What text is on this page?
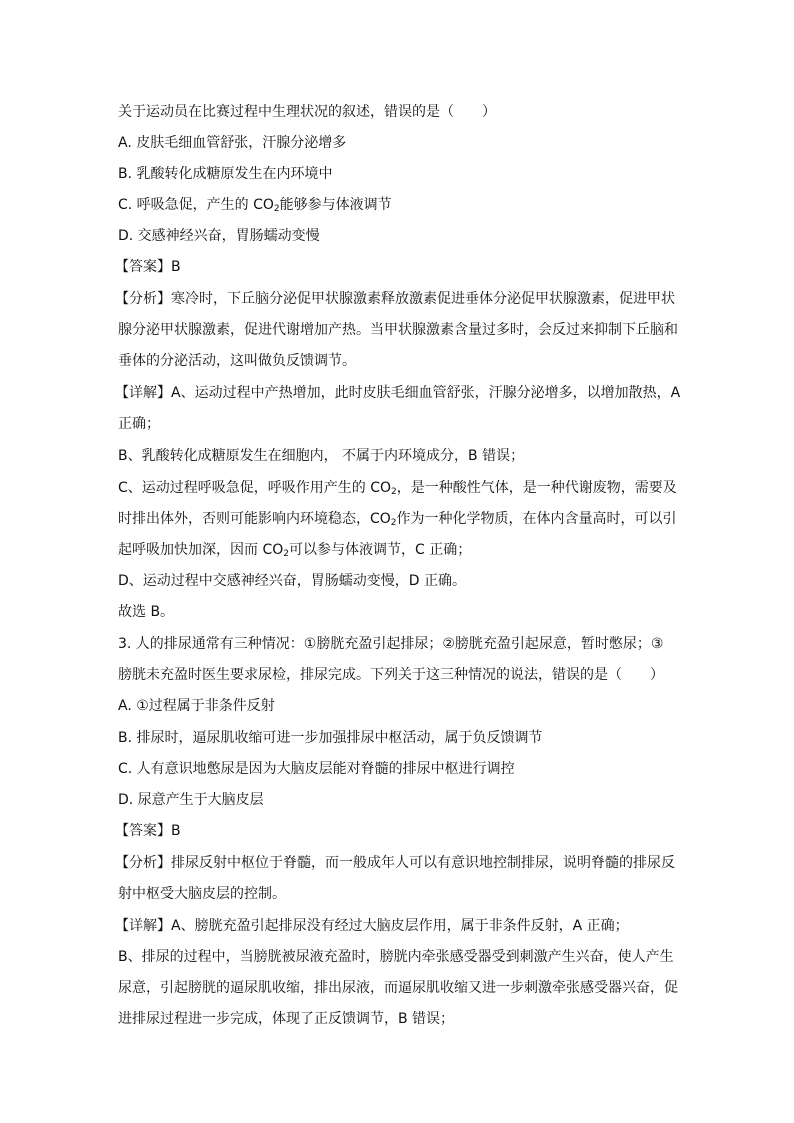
关于运动员在比赛过程中生理状况的叙述，错误的是（　　）
A. 皮肤毛细血管舒张，汗腺分泌增多
B. 乳酸转化成糖原发生在内环境中
C. 呼吸急促，产生的 $CO_2$能够参与体液调节
D. 交感神经兴奋，胃肠蠕动变慢
【答案】B
【分析】寒冷时，下丘脑分泌促甲状腺激素释放激素促进垂体分泌促甲状腺激素，促进甲状
腺分泌甲状腺激素，促进代谢增加产热。当甲状腺激素含量过多时，会反过来抑制下丘脑和
垂体的分泌活动，这叫做负反馈调节。
【详解】A、运动过程中产热增加，此时皮肤毛细血管舒张，汗腺分泌增多，以增加散热，A
正确；
B、乳酸转化成糖原发生在细胞内， 不属于内环境成分，B 错误；
C、运动过程呼吸急促，呼吸作用产生的 $CO_2$，是一种酸性气体，是一种代谢废物，需要及
时排出体外，否则可能影响内环境稳态，$CO_2$作为一种化学物质，在体内含量高时，可以引
起呼吸加快加深，因而 $CO_2$可以参与体液调节，C 正确；
D、运动过程中交感神经兴奋，胃肠蠕动变慢，D 正确。
故选 B。
3. 人的排尿通常有三种情况：①膀胱充盈引起排尿；②膀胱充盈引起尿意，暂时憋尿；③
膀胱未充盈时医生要求尿检，排尿完成。下列关于这三种情况的说法，错误的是（　　）
A. ①过程属于非条件反射
B. 排尿时，逼尿肌收缩可进一步加强排尿中枢活动，属于负反馈调节
C. 人有意识地憋尿是因为大脑皮层能对脊髓的排尿中枢进行调控
D. 尿意产生于大脑皮层
【答案】B
【分析】排尿反射中枢位于脊髓，而一般成年人可以有意识地控制排尿，说明脊髓的排尿反
射中枢受大脑皮层的控制。
【详解】A、膀胱充盈引起排尿没有经过大脑皮层作用，属于非条件反射，A 正确；
B、排尿的过程中，当膀胱被尿液充盈时，膀胱内牵张感受器受到刺激产生兴奋，使人产生
尿意，引起膀胱的逼尿肌收缩，排出尿液，而逼尿肌收缩又进一步刺激牵张感受器兴奋，促
进排尿过程进一步完成，体现了正反馈调节，B 错误；
